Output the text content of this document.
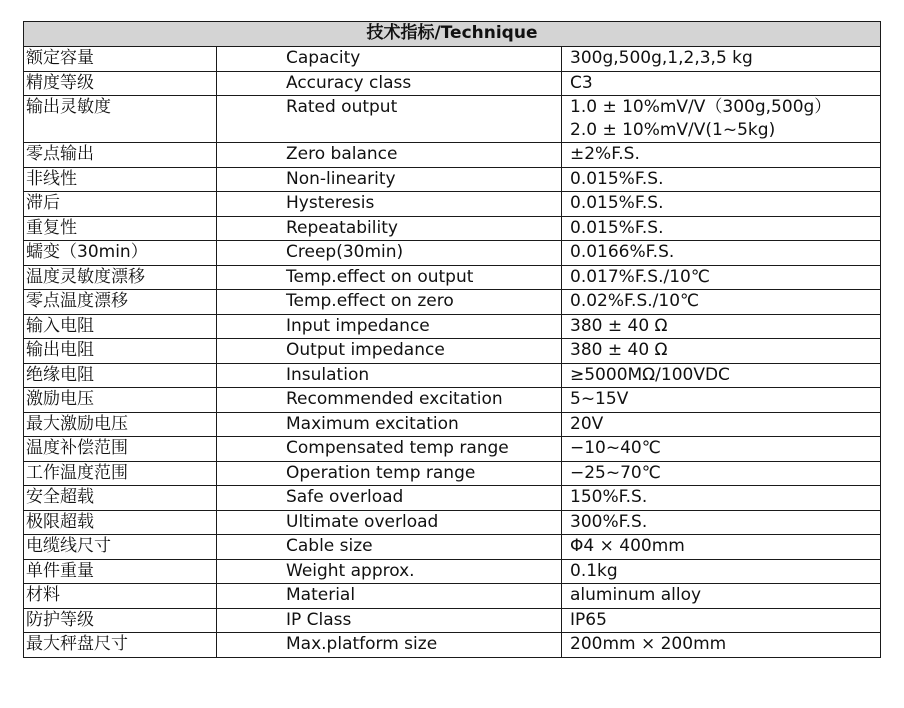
技术指标/Technique		
额定容量	Capacity	300g,500g,1,2,3,5 kg

精度等级	Accuracy class	C3

输出灵敏度	Rated output	1.0 ± 10%mV/V（300g,500g）
2.0 ± 10%mV/V(1~5kg)

零点输出	Zero balance	±2%F.S.

非线性	Non-linearity	0.015%F.S.

滞后	Hysteresis	0.015%F.S.

重复性	Repeatability	0.015%F.S.

蠕变（30min）	Creep(30min)	0.0166%F.S.

温度灵敏度漂移	Temp.effect on output	0.017%F.S./10℃

零点温度漂移	Temp.effect on zero	0.02%F.S./10℃

输入电阻	Input impedance	380 ± 40 Ω

输出电阻	Output impedance	380 ± 40 Ω

绝缘电阻	Insulation	≥5000MΩ/100VDC

激励电压	Recommended excitation	5~15V

最大激励电压	Maximum excitation	20V

温度补偿范围	Compensated temp range	−10~40℃

工作温度范围	Operation temp range	−25~70℃

安全超载	Safe overload	150%F.S.

极限超载	Ultimate overload	300%F.S.

电缆线尺寸	Cable size	Φ4 × 400mm

单件重量	Weight approx.	0.1kg

材料	Material	aluminum alloy

防护等级	IP Class	IP65

最大秤盘尺寸	Max.platform size	200mm × 200mm
